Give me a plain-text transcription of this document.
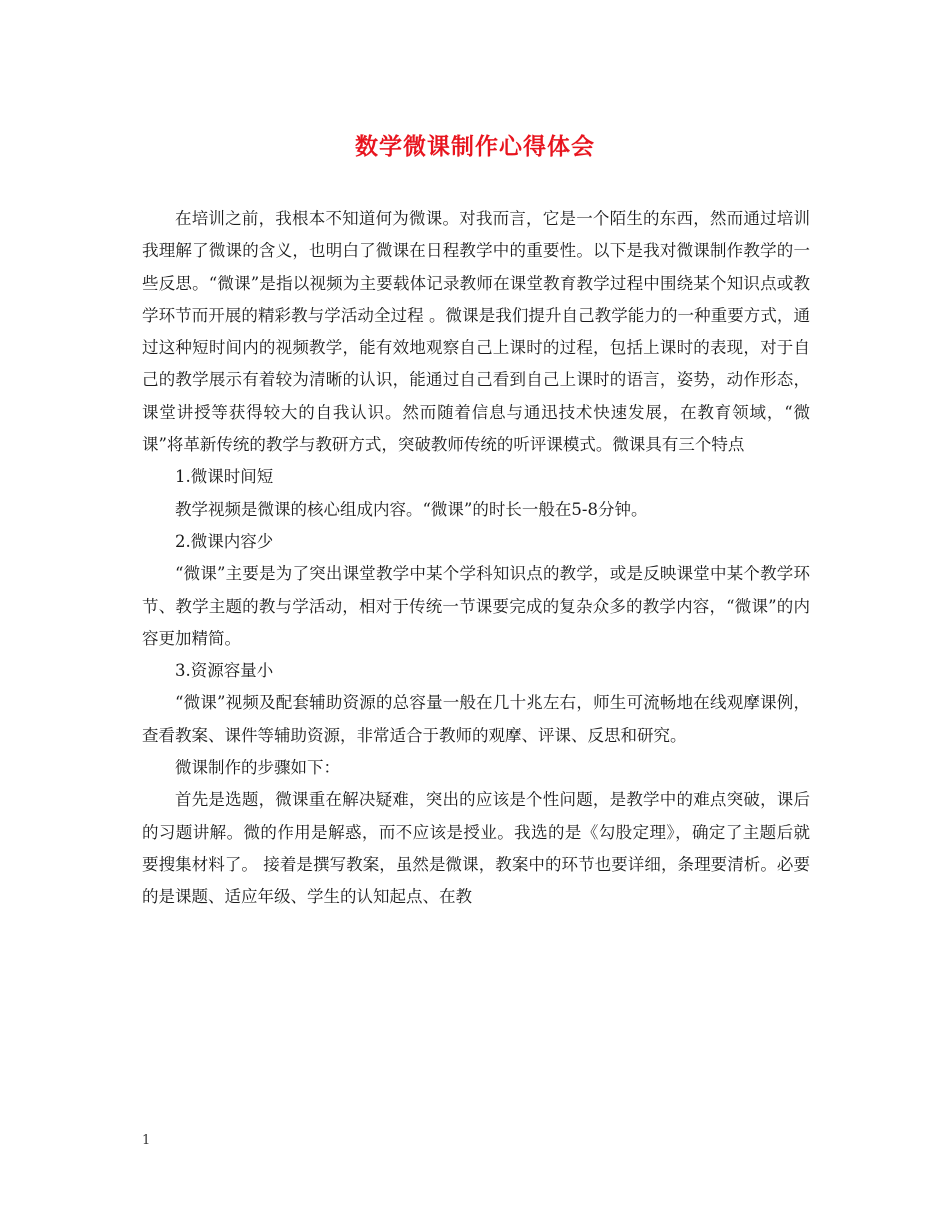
数学微课制作心得体会

在培训之前，我根本不知道何为微课。对我而言，它是一个陌生的东西，然而通过培训我理解了微课的含义，也明白了微课在日程教学中的重要性。以下是我对微课制作教学的一些反思。“微课”是指以视频为主要载体记录教师在课堂教育教学过程中围绕某个知识点或教学环节而开展的精彩教与学活动全过程 。微课是我们提升自己教学能力的一种重要方式，通过这种短时间内的视频教学，能有效地观察自己上课时的过程，包括上课时的表现，对于自己的教学展示有着较为清晰的认识，能通过自己看到自己上课时的语言，姿势，动作形态，课堂讲授等获得较大的自我认识。然而随着信息与通迅技术快速发展，在教育领域，“微课”将革新传统的教学与教研方式，突破教师传统的听评课模式。微课具有三个特点

1.微课时间短

教学视频是微课的核心组成内容。“微课”的时长一般在5-8分钟。

2.微课内容少

“微课”主要是为了突出课堂教学中某个学科知识点的教学，或是反映课堂中某个教学环节、教学主题的教与学活动，相对于传统一节课要完成的复杂众多的教学内容，“微课”的内容更加精简。

3.资源容量小

“微课”视频及配套辅助资源的总容量一般在几十兆左右，师生可流畅地在线观摩课例，查看教案、课件等辅助资源，非常适合于教师的观摩、评课、反思和研究。

微课制作的步骤如下：

首先是选题，微课重在解决疑难，突出的应该是个性问题，是教学中的难点突破，课后的习题讲解。微的作用是解惑，而不应该是授业。我选的是《勾股定理》，确定了主题后就要搜集材料了。 接着是撰写教案，虽然是微课，教案中的环节也要详细，条理要清析。必要的是课题、适应年级、学生的认知起点、在教

1
